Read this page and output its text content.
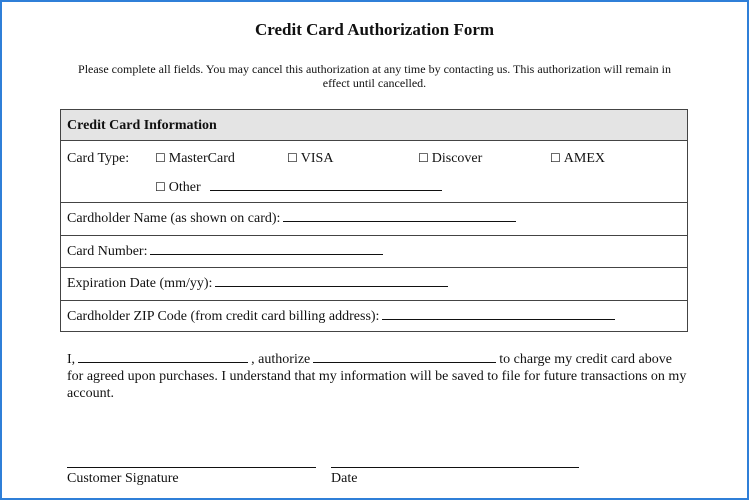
Credit Card Authorization Form
Please complete all fields. You may cancel this authorization at any time by contacting us. This authorization will remain in effect until cancelled.
Credit Card Information
Card Type: ☐ MasterCard	☐ VISA	☐ Discover	☐ AMEX
☐ Other
Cardholder Name (as shown on card):
Card Number:
Expiration Date (mm/yy):
Cardholder ZIP Code (from credit card billing address):
I,	, authorize	to charge my credit card above for agreed upon purchases. I understand that my information will be saved to file for future transactions on my account.
Customer Signature	Date
